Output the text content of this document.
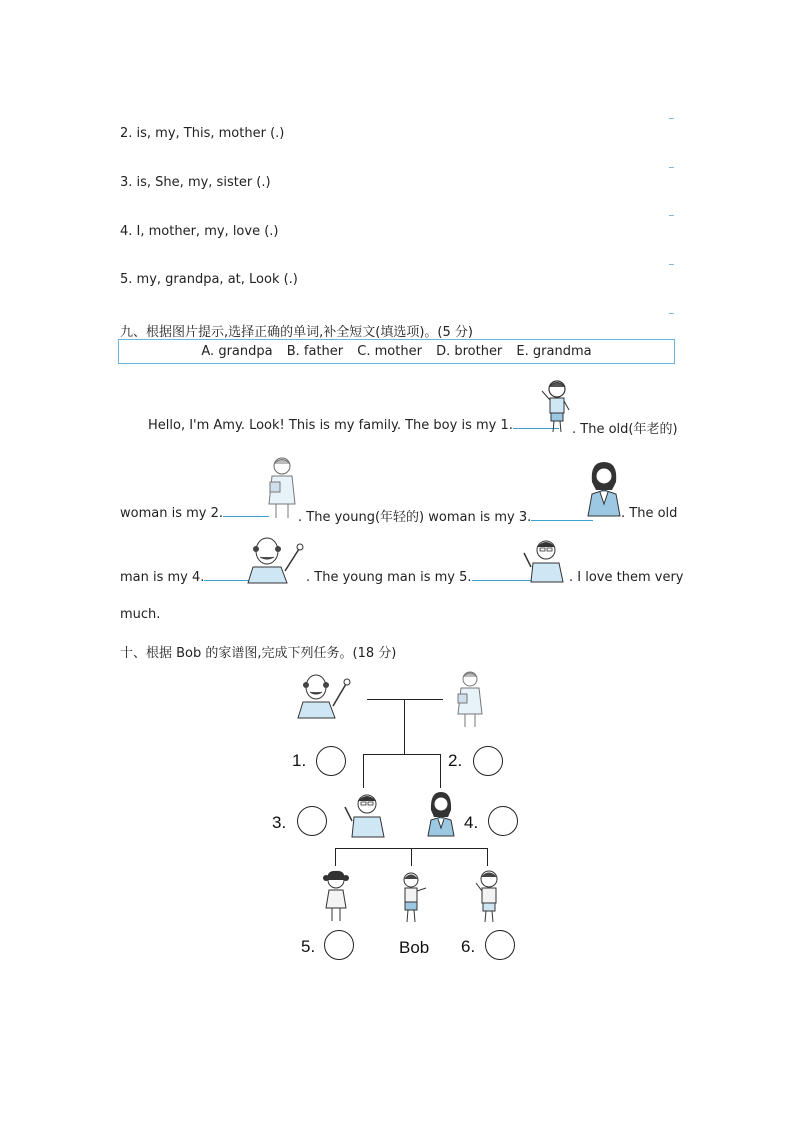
2. is, my, This, mother (.)
3. is, She, my, sister (.)
4. I, mother, my, love (.)
5. my, grandpa, at, Look (.)
九、根据图片提示,选择正确的单词,补全短文(填选项)。(5 分)
A. grandpa B. father C. mother D. brother E. grandma
Hello, I'm Amy. Look! This is my family. The boy is my 1.	. The old(年老的)
woman is my 2.	. The young(年轻的) woman is my 3.	. The old
man is my 4.	. The young man is my 5.	. I love them very
much.
十、根据 Bob 的家谱图,完成下列任务。(18 分)
1.	2.
3.	4.
5.	Bob 6.
